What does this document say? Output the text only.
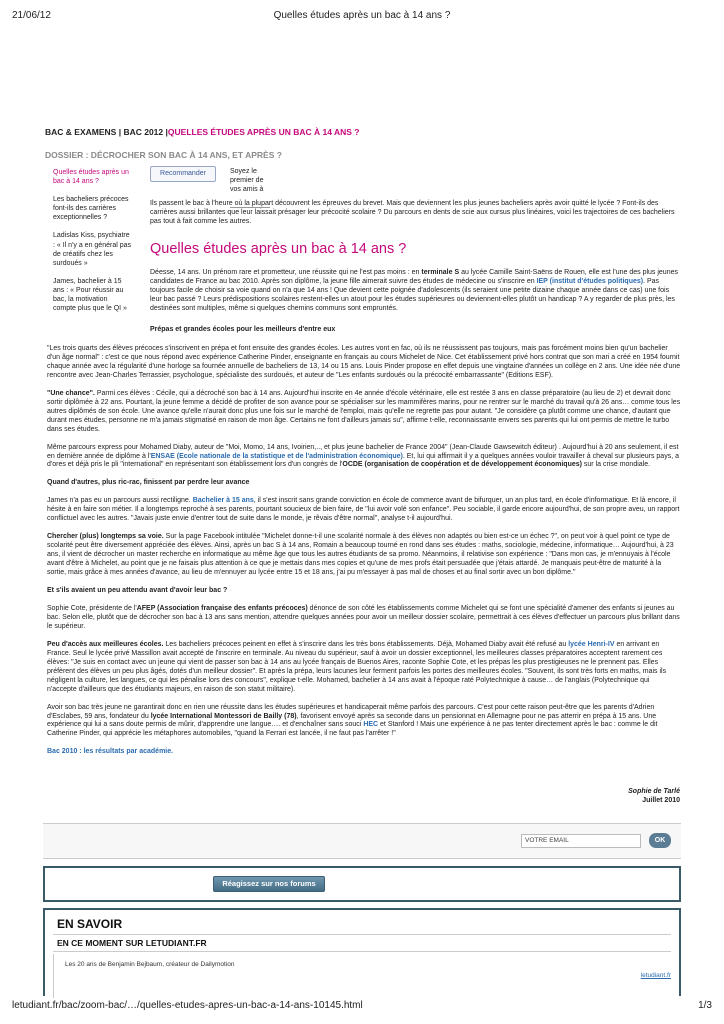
21/06/12	Quelles études après un bac à 14 ans ?
BAC & EXAMENS | BAC 2012 |QUELLES ÉTUDES APRÈS UN BAC À 14 ANS ?
DOSSIER : DÉCROCHER SON BAC À 14 ANS, ET APRÈS ?
Quelles études après un bac à 14 ans ?
Les bacheliers précoces font-ils des carrières exceptionnelles ?
Ladislas Kiss, psychiatre : « Il n'y a en général pas de créatifs chez les surdoués »
James, bachelier à 15 ans : « Pour réussir au bac, la motivation compte plus que le QI »
Recommander	Soyez le premier de vos amis à
Ils passent le bac à l'heure où la plupart découvrent les épreuves du brevet. Mais que deviennent les plus jeunes bacheliers après avoir quitté le lycée ? Font-ils des carrières aussi brillantes que leur laissait présager leur précocité scolaire ? Du parcours en dents de scie aux cursus plus linéaires, voici les trajectoires de ces bacheliers pas tout à fait comme les autres.
Quelles études après un bac à 14 ans ?
Déesse, 14 ans. Un prénom rare et prometteur, une réussite qui ne l'est pas moins : en terminale S au lycée Camille Saint-Saëns de Rouen, elle est l'une des plus jeunes candidates de France au bac 2010. Après son diplôme, la jeune fille aimerait suivre des études de médecine ou s'inscrire en IEP (institut d'études politiques). Pas toujours facile de choisir sa voie quand on n'a que 14 ans ! Que devient cette poignée d'adolescents (ils seraient une petite dizaine chaque année dans ce cas) une fois leur bac passé ? Leurs prédispositions scolaires restent-elles un atout pour les études supérieures ou deviennent-elles plutôt un handicap ? A y regarder de plus près, les destinées sont multiples, même si quelques chemins communs sont empruntés.
Prépas et grandes écoles pour les meilleurs d'entre eux

"Les trois quarts des élèves précoces s'inscrivent en prépa et font ensuite des grandes écoles. Les autres vont en fac, où ils ne réussissent pas toujours, mais pas forcément moins bien qu'un bachelier d'un âge normal" : c'est ce que nous répond avec expérience Catherine Pinder, enseignante en français au cours Michelet de Nice. Cet établissement privé hors contrat que son mari a créé en 1954 fournit chaque année avec la régularité d'une horloge sa fournée annuelle de bacheliers de 13, 14 ou 15 ans. Louis Pinder propose en effet depuis une vingtaine d'années un collège en 2 ans. Une idée née d'une rencontre avec Jean-Charles Terrassier, psychologue, spécialiste des surdoués, et auteur de "Les enfants surdoués ou la précocité embarrassante" (Editions ESF).

"Une chance". Parmi ces élèves : Cécile, qui a décroché son bac à 14 ans. Aujourd'hui inscrite en 4e année d'école vétérinaire, elle est restée 3 ans en classe préparatoire (au lieu de 2) et devrait donc sortir diplômée à 22 ans. Pourtant, la jeune femme a décidé de profiter de son avance pour se spécialiser sur les mammifères marins, pour ne rentrer sur le marché du travail qu'à 26 ans… comme tous les autres diplômés de son école. Une avance qu'elle n'aurait donc plus une fois sur le marché de l'emploi, mais qu'elle ne regrette pas pour autant. "Je considère ça plutôt comme une chance, d'autant que durant mes études, personne ne m'a jamais stigmatisé en raison de mon âge. Certains ne font d'ailleurs jamais su", affirme t-elle, reconnaissante envers ses parents qui lui ont permis de mettre le turbo dans ses études.

Même parcours express pour Mohamed Diaby, auteur de "Moi, Momo, 14 ans, Ivoirien,.., et plus jeune bachelier de France 2004" (Jean-Claude Gawsewitch éditeur) . Aujourd'hui à 20 ans seulement, il est en dernière année de diplôme à l'ENSAE (Ecole nationale de la statistique et de l'administration économique). Et, lui qui affirmait il y a quelques années vouloir travailler à cheval sur plusieurs pays, a d'ores et déjà pris le pli "international" en représentant son établissement lors d'un congrès de l'OCDE (organisation de coopération et de développement économiques) sur la crise mondiale.

Quand d'autres, plus ric-rac, finissent par perdre leur avance

James n'a pas eu un parcours aussi rectiligne. Bachelier à 15 ans, il s'est inscrit sans grande conviction en école de commerce avant de bifurquer, un an plus tard, en école d'informatique. Et là encore, il hésite à en faire son métier. Il a longtemps reproché à ses parents, pourtant soucieux de bien faire, de "lui avoir volé son enfance". Peu sociable, il garde encore aujourd'hui, de son propre aveu, un rapport conflictuel avec les autres. "Javais juste envie d'entrer tout de suite dans le monde, je rêvais d'être normal", analyse t-il aujourd'hui.

Chercher (plus) longtemps sa voie. Sur la page Facebook intitulée "Michelet donne-t-il une scolarité normale à des élèves non adaptés ou bien est-ce un échec ?", on peut voir à quel point ce type de scolarité peut être diversement appréciée des élèves. Ainsi, après un bac S à 14 ans, Romain a beaucoup tourné en rond dans ses études : maths, sociologie, médecine, informatique… Aujourd'hui, à 23 ans, il vient de décrocher un master recherche en informatique au même âge que tous les autres étudiants de sa promo. Néanmoins, il relativise son expérience : "Dans mon cas, je m'ennuyais à l'école avant d'être à Michelet, au point que je ne faisais plus attention à ce que je mettais dans mes copies et qu'une de mes profs était persuadée que j'étais attardé. Je manquais peut-être de maturité à la sortie, mais grâce à mes années d'avance, au lieu de m'ennuyer au lycée entre 15 et 18 ans, j'ai pu m'essayer à pas mal de choses et au final sortir avec un bon diplôme."

Et s'ils avaient un peu attendu avant d'avoir leur bac ?

Sophie Cote, présidente de l'AFEP (Association française des enfants précoces) dénonce de son côté les établissements comme Michelet qui se font une spécialité d'amener des enfants si jeunes au bac. Selon elle, plutôt que de décrocher son bac à 13 ans sans mention, attendre quelques années pour avoir un meilleur dossier scolaire, permettrait à ces élèves d'effectuer un parcours plus brillant dans le supérieur.

Peu d'accès aux meilleures écoles. Les bacheliers précoces peinent en effet à s'inscrire dans les très bons établissements. Déjà, Mohamed Diaby avait été refusé au lycée Henri-IV en arrivant en France. Seul le lycée privé Massillon avait accepté de l'inscrire en terminale. Au niveau du supérieur, sauf à avoir un dossier exceptionnel, les meilleures classes préparatoires acceptent rarement ces élèves: "Je suis en contact avec un jeune qui vient de passer son bac à 14 ans au lycée français de Buenos Aires, raconte Sophie Cote, et les prépas les plus prestigieuses ne le prennent pas. Elles préfèrent des élèves un peu plus âgés, dotés d'un meilleur dossier". Et après la prépa, leurs lacunes leur ferment parfois les portes des meilleures écoles. "Souvent, ils sont très forts en maths, mais ils négligent la culture, les langues, ce qui les pénalise lors des concours", explique t-elle. Mohamed, bachelier à 14 ans avait à l'époque raté Polytechnique à cause… de l'anglais (Polytechnique qui n'accepte d'ailleurs que des étudiants majeurs, en raison de son statut militaire).

Avoir son bac très jeune ne garantirait donc en rien une réussite dans les études supérieures et handicaperait même parfois des parcours. C'est pour cette raison peut-être que les parents d'Adrien d'Esclabes, 59 ans, fondateur du lycée International Montessori de Bailly (78), favorisent envoyé après sa seconde dans un pensionnat en Allemagne pour ne pas atterrir en prépa à 15 ans. Une expérience qui lui a sans doute permis de mûrir, d'apprendre une langue…. et d'enchaîner sans souci HEC et Stanford ! Mais une expérience à ne pas tenter directement après le bac : comme le dit Catherine Pinder, qui apprécie les métaphores automobiles, "quand la Ferrari est lancée, il ne faut pas l'arrêter !"

Bac 2010 : les résultats par académie.
Sophie de Tarlé
Juillet 2010
VOTRE EMAIL	OK
Réagissez sur nos forums
EN SAVOIR
EN CE MOMENT SUR LETUDIANT.FR
Les 20 ans de Benjamin Bejbaum, créateur de Dailymotion
letudiant.fr
letudiant.fr/bac/zoom-bac/…/quelles-etudes-apres-un-bac-a-14-ans-10145.html	1/3
